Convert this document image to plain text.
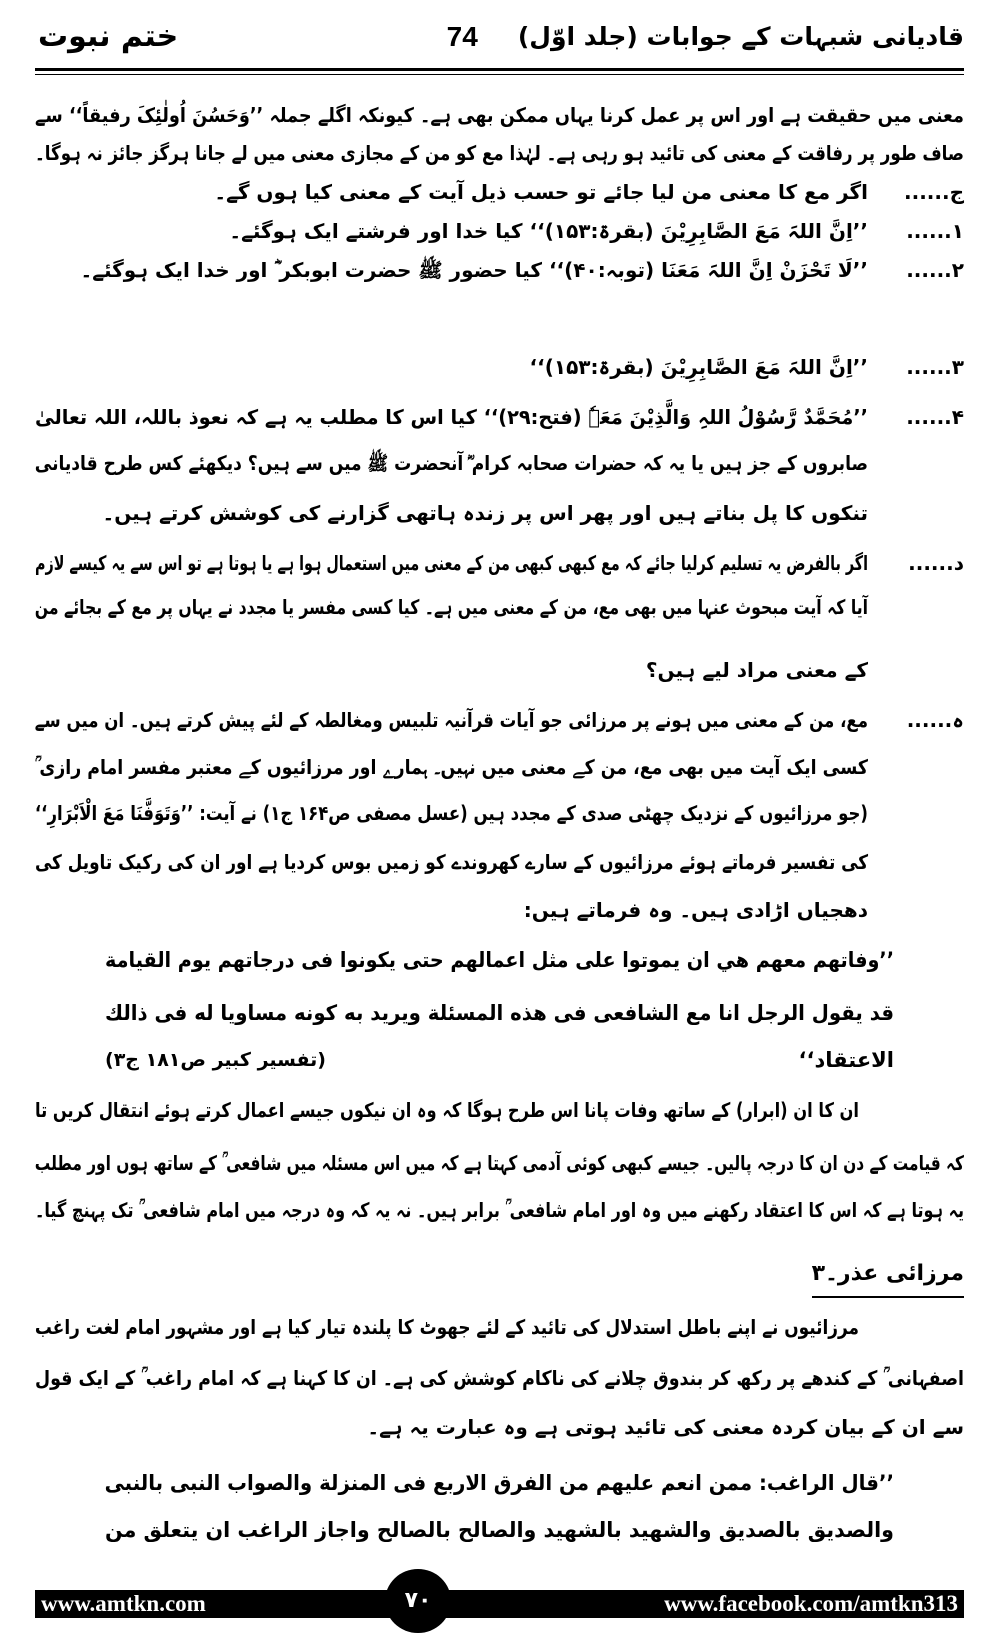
قادیانی شبہات کے جوابات (جلد اوّل)
74
ختم نبوت
معنی میں حقیقت ہے اور اس پر عمل کرنا یہاں ممکن بھی ہے۔ کیونکہ اگلے جملہ ’’وَحَسُنَ اُولٰئِکَ رفیقاً‘‘ سے
صاف طور پر رفاقت کے معنی کی تائید ہو رہی ہے۔ لہٰذا مع کو من کے مجازی معنی میں لے جانا ہرگز جائز نہ ہوگا۔
ج......
اگر مع کا معنی من لیا جائے تو حسب ذیل آیت کے معنی کیا ہوں گے۔
۱......
’’اِنَّ اللہَ مَعَ الصَّابِرِیْنَ (بقرۃ:۱۵۳)‘‘ کیا خدا اور فرشتے ایک ہوگئے۔
۲......
’’لَا تَحْزَنْ اِنَّ اللہَ مَعَنَا (توبہ:۴۰)‘‘ کیا حضور ﷺ حضرت ابوبکر ؓ اور خدا ایک ہوگئے۔
۳......
’’اِنَّ اللہَ مَعَ الصَّابِرِیْنَ (بقرۃ:۱۵۳)‘‘
۴......
’’مُحَمَّدٌ رَّسُوْلُ اللہِ وَالَّذِیْنَ مَعَہٗ (فتح:۲۹)‘‘ کیا اس کا مطلب یہ ہے کہ نعوذ باللہ، اللہ تعالیٰ
صابروں کے جز ہیں یا یہ کہ حضرات صحابہ کرام ؓ آنحضرت ﷺ میں سے ہیں؟ دیکھئے کس طرح قادیانی
تنکوں کا پل بناتے ہیں اور پھر اس پر زندہ ہاتھی گزارنے کی کوشش کرتے ہیں۔
د......
اگر بالفرض یہ تسلیم کرلیا جائے کہ مع کبھی کبھی من کے معنی میں استعمال ہوا ہے یا ہوتا ہے تو اس سے یہ کیسے لازم
آیا کہ آیت مبحوث عنہا میں بھی مع، من کے معنی میں ہے۔ کیا کسی مفسر یا مجدد نے یہاں پر مع کے بجائے من
کے معنی مراد لیے ہیں؟
ہ......
مع، من کے معنی میں ہونے پر مرزائی جو آیات قرآنیہ تلبیس ومغالطہ کے لئے پیش کرتے ہیں۔ ان میں سے
کسی ایک آیت میں بھی مع، من کے معنی میں نہیں۔ ہمارے اور مرزائیوں کے معتبر مفسر امام رازی ؒ
(جو مرزائیوں کے نزدیک چھٹی صدی کے مجدد ہیں (عسل مصفی ص۱۶۴ ج۱) نے آیت: ’’وَتَوَفَّنَا مَعَ الْاَبْرَارِ‘‘
کی تفسیر فرماتے ہوئے مرزائیوں کے سارے کھروندے کو زمیں بوس کردیا ہے اور ان کی رکیک تاویل کی
دھجیاں اڑادی ہیں۔ وہ فرماتے ہیں:
’’وفاتهم معهم هي ان يموتوا على مثل اعمالهم حتى يكونوا فى درجاتهم يوم القيامة
قد يقول الرجل انا مع الشافعى فى هذه المسئلة ويريد به كونه مساويا له فى ذالك
الاعتقاد‘‘
(تفسیر کبیر ص۱۸۱ ج۳)
ان کا ان (ابرار) کے ساتھ وفات پانا اس طرح ہوگا کہ وہ ان نیکوں جیسے اعمال کرتے ہوئے انتقال کریں تا
کہ قیامت کے دن ان کا درجہ پالیں۔ جیسے کبھی کوئی آدمی کہتا ہے کہ میں اس مسئلہ میں شافعی ؒ کے ساتھ ہوں اور مطلب
یہ ہوتا ہے کہ اس کا اعتقاد رکھنے میں وہ اور امام شافعی ؒ برابر ہیں۔ نہ یہ کہ وہ درجہ میں امام شافعی ؒ تک پہنچ گیا۔
مرزائی عذر۔۳
مرزائیوں نے اپنے باطل استدلال کی تائید کے لئے جھوٹ کا پلندہ تیار کیا ہے اور مشہور امام لغت راغب
اصفہانی ؒ کے کندھے پر رکھ کر بندوق چلانے کی ناکام کوشش کی ہے۔ ان کا کہنا ہے کہ امام راغب ؒ کے ایک قول
سے ان کے بیان کردہ معنی کی تائید ہوتی ہے وہ عبارت یہ ہے۔
’’قال الراغب: ممن انعم عليهم من الفرق الاربع فى المنزلة والصواب النبى بالنبى
والصديق بالصديق والشهيد بالشهيد والصالح بالصالح واجاز الراغب ان يتعلق من
www.amtkn.com	www.facebook.com/amtkn313
۷۰
